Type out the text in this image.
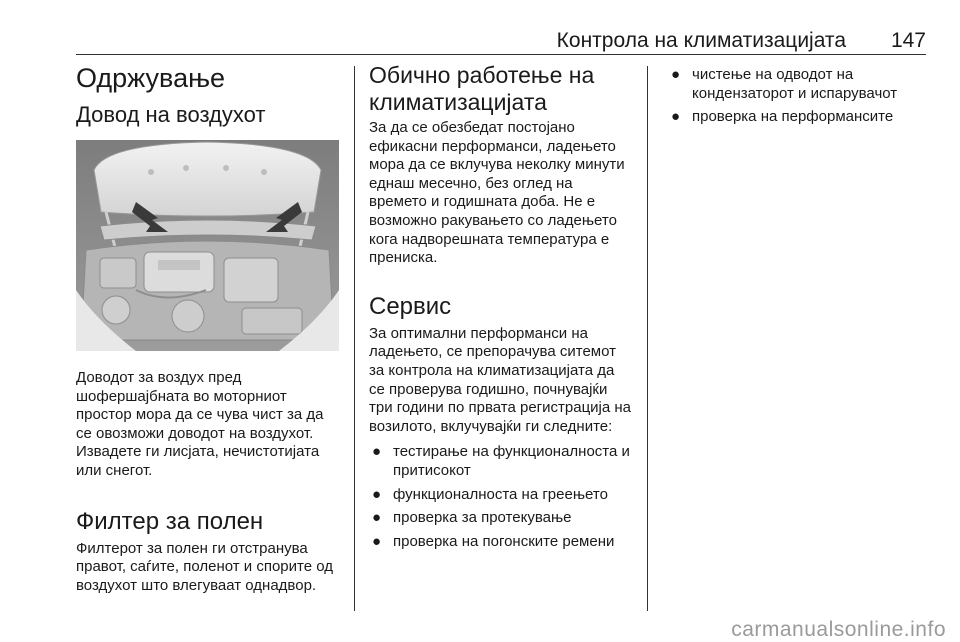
Контрола на климатизацијата 147
Одржување
Довод на воздухот

Доводот за воздух пред шофершајбната во моторниот простор мора да се чува чист за да се овозможи доводот на воздухот. Извадете ги лисјата, нечистотијата или снегот.

Филтер за полен

Филтерот за полен ги отстранува правот, саѓите, поленот и спорите од воздухот што влегуваат однадвор.

Обично работење на климатизацијата

За да се обезбедат постојано ефикасни перформанси, ладењето мора да се вклучува неколку минути еднаш месечно, без оглед на времето и годишната доба. Не е возможно ракувањето со ладењето кога надворешната температура е прениска.

Сервис

За оптимални перформанси на ладењето, се препорачува ситемот за контрола на климатизацијата да се проверува годишно, почнувајќи три години по првата регистрација на возилото, вклучувајќи ги следните:

● тестирање на функционалноста и притисокот
● функционалноста на греењето
● проверка за протекување
● проверка на погонските ремени
● чистење на одводот на кондензаторот и испарувачот
● проверка на перформансите
carmanualsonline.info
